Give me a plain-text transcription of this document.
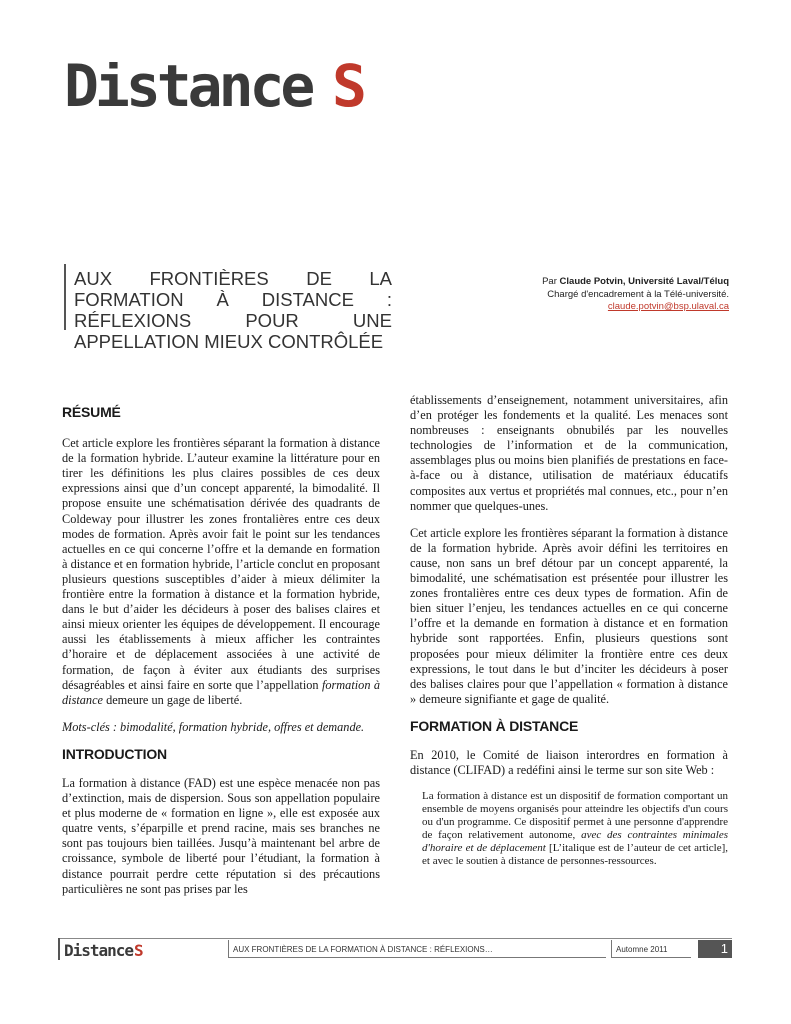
Distance S
AUX FRONTIÈRES DE LA FORMATION À DISTANCE : RÉFLEXIONS POUR UNE APPELLATION MIEUX CONTRÔLÉE
Par Claude Potvin, Université Laval/Téluq
Chargé d'encadrement à la Télé-université.
claude.potvin@bsp.ulaval.ca
RÉSUMÉ

Cet article explore les frontières séparant la formation à distance de la formation hybride. L’auteur examine la littérature pour en tirer les définitions les plus claires possibles de ces deux expressions ainsi que d’un concept apparenté, la bimodalité. Il propose ensuite une schématisation dérivée des quadrants de Coldeway pour illustrer les zones frontalières entre ces deux modes de formation. Après avoir fait le point sur les tendances actuelles en ce qui concerne l’offre et la demande en formation à distance et en formation hybride, l’article conclut en proposant plusieurs questions susceptibles d’aider à mieux délimiter la frontière entre la formation à distance et la formation hybride, dans le but d’aider les décideurs à poser des balises claires et ainsi mieux orienter les équipes de développement. Il encourage aussi les établissements à mieux afficher les contraintes d’horaire et de déplacement associées à une activité de formation, de façon à éviter aux étudiants des surprises désagréables et ainsi faire en sorte que l’appellation formation à distance demeure un gage de liberté.

Mots-clés : bimodalité, formation hybride, offres et demande.

INTRODUCTION

La formation à distance (FAD) est une espèce menacée non pas d’extinction, mais de dispersion. Sous son appellation populaire et plus moderne de « formation en ligne », elle est exposée aux quatre vents, s’éparpille et prend racine, mais ses branches ne sont pas toujours bien taillées. Jusqu’à maintenant bel arbre de croissance, symbole de liberté pour l’étudiant, la formation à distance pourrait perdre cette réputation si des précautions particulières ne sont pas prises par les

établissements d’enseignement, notamment universitaires, afin d’en protéger les fondements et la qualité. Les menaces sont nombreuses : enseignants obnubilés par les nouvelles technologies de l’information et de la communication, assemblages plus ou moins bien planifiés de prestations en face-à-face ou à distance, utilisation de matériaux éducatifs composites aux vertus et propriétés mal connues, etc., pour n’en nommer que quelques-unes.

Cet article explore les frontières séparant la formation à distance de la formation hybride. Après avoir défini les territoires en cause, non sans un bref détour par un concept apparenté, la bimodalité, une schématisation est présentée pour illustrer les zones frontalières entre ces deux types de formation. Afin de bien situer l’enjeu, les tendances actuelles en ce qui concerne l’offre et la demande en formation à distance et en formation hybride sont rapportées. Enfin, plusieurs questions sont proposées pour mieux délimiter la frontière entre ces deux expressions, le tout dans le but d’inciter les décideurs à poser des balises claires pour que l’appellation « formation à distance » demeure signifiante et gage de qualité.

FORMATION À DISTANCE

En 2010, le Comité de liaison interordres en formation à distance (CLIFAD) a redéfini ainsi le terme sur son site Web :

La formation à distance est un dispositif de formation comportant un ensemble de moyens organisés pour atteindre les objectifs d'un cours ou d'un programme. Ce dispositif permet à une personne d'apprendre de façon relativement autonome, avec des contraintes minimales d'horaire et de déplacement [L’italique est de l’auteur de cet article], et avec le soutien à distance de personnes-ressources.
Distance S	AUX FRONTIÈRES DE LA FORMATION À DISTANCE : RÉFLEXIONS…	Automne 2011	1
